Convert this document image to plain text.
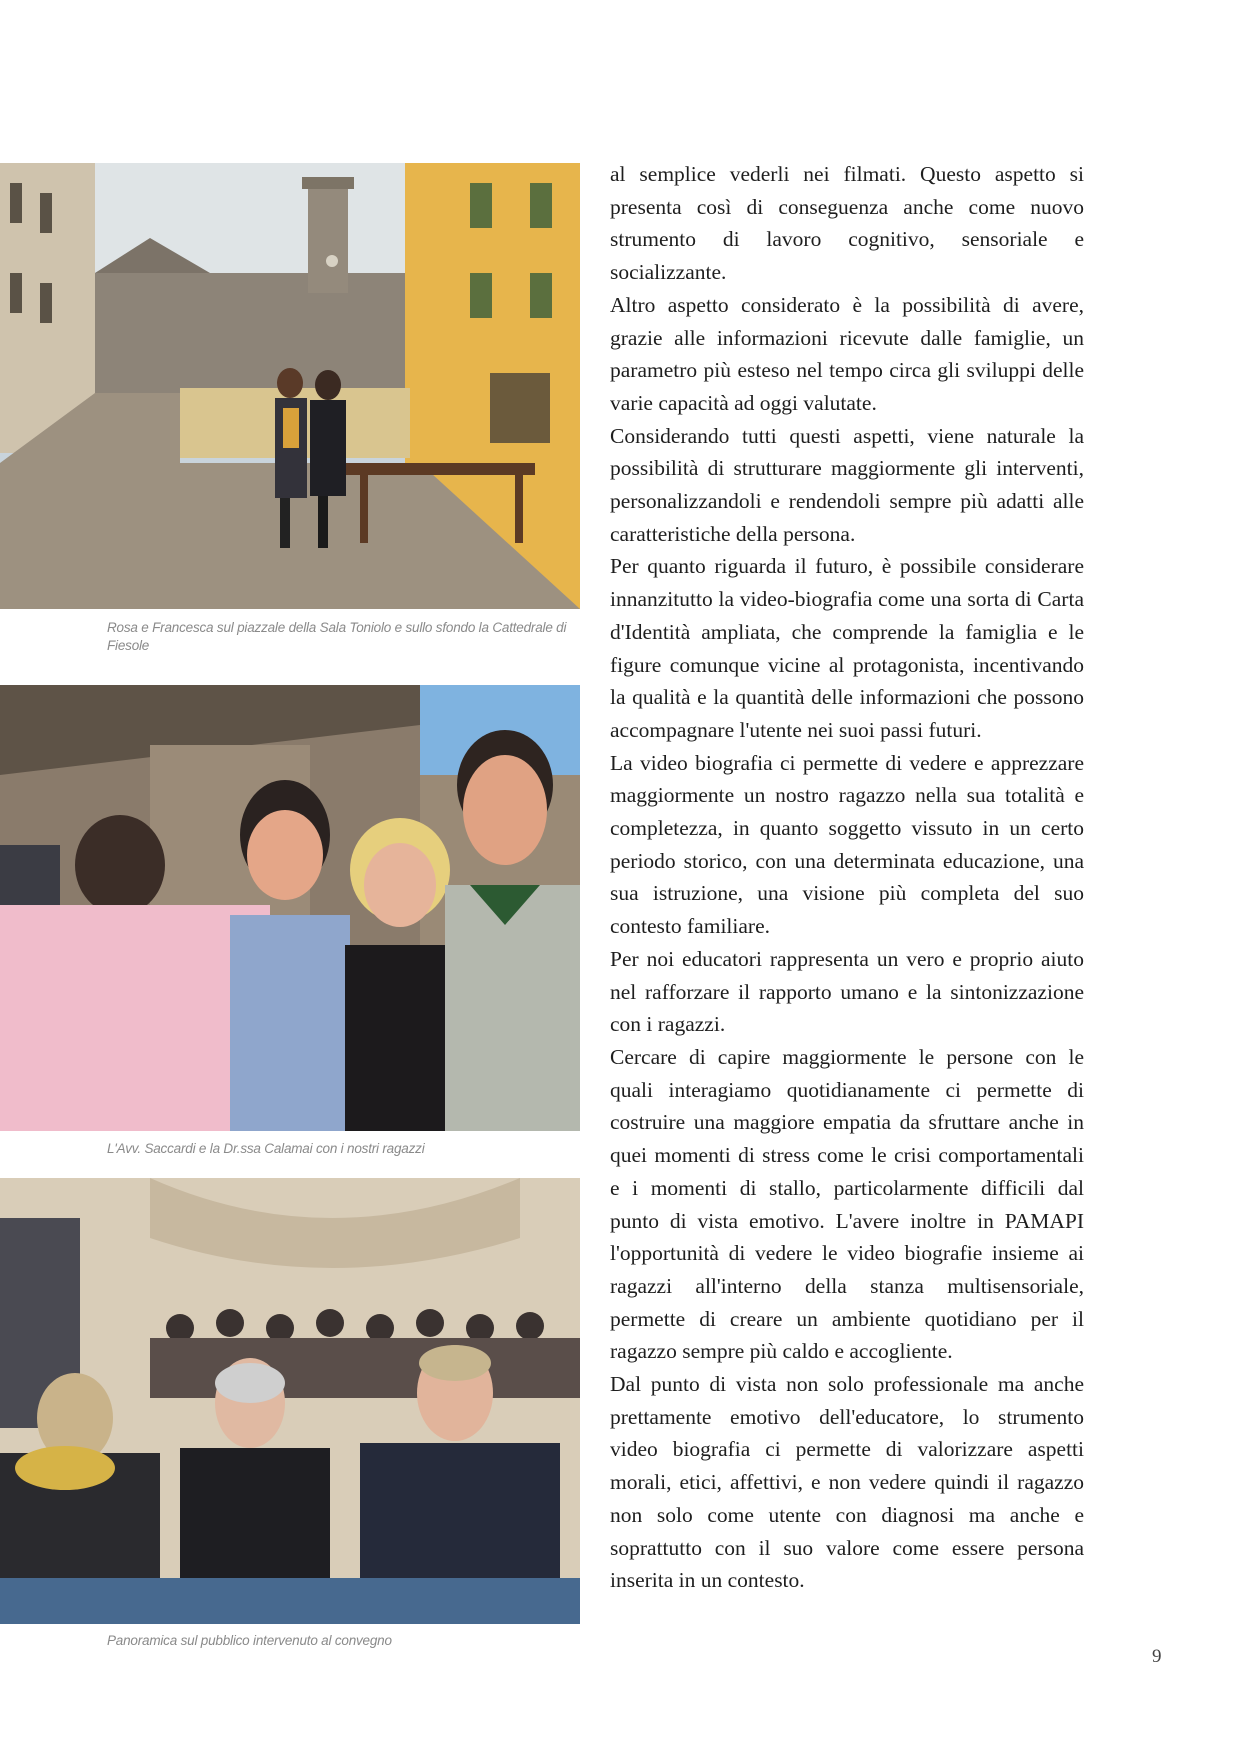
Rosa e Francesca sul piazzale della Sala Toniolo e sullo sfondo la Cattedrale di Fiesole
L'Avv. Saccardi e la Dr.ssa Calamai con i nostri ragazzi
Panoramica sul pubblico intervenuto al convegno

al semplice vederli nei filmati. Questo aspetto si presenta così di conseguenza anche come nuovo strumento di lavoro cognitivo, sensoriale e socializzante.

Altro aspetto considerato è la possibilità di avere, grazie alle informazioni ricevute dalle famiglie, un parametro più esteso nel tempo circa gli sviluppi delle varie capacità ad oggi valutate.

Considerando tutti questi aspetti, viene naturale la possibilità di strutturare maggiormente gli interventi, personalizzandoli e rendendoli sempre più adatti alle caratteristiche della persona.

Per quanto riguarda il futuro, è possibile considerare innanzitutto la video-biografia come una sorta di Carta d'Identità ampliata, che comprende la famiglia e le figure comunque vicine al protagonista, incentivando la qualità e la quantità delle informazioni che possono accompagnare l'utente nei suoi passi futuri.

La video biografia ci permette di vedere e apprezzare maggiormente un nostro ragazzo nella sua totalità e completezza, in quanto soggetto vissuto in un certo periodo storico, con una determinata educazione, una sua istruzione, una visione più completa del suo contesto familiare.

Per noi educatori rappresenta un vero e proprio aiuto nel rafforzare il rapporto umano e la sintonizzazione con i ragazzi.

Cercare di capire maggiormente le persone con le quali interagiamo quotidianamente ci permette di costruire una maggiore empatia da sfruttare anche in quei momenti di stress come le crisi comportamentali e i momenti di stallo, particolarmente difficili dal punto di vista emotivo. L'avere inoltre in PAMAPI l'opportunità di vedere le video biografie insieme ai ragazzi all'interno della stanza multisensoriale, permette di creare un ambiente quotidiano per il ragazzo sempre più caldo e accogliente.

Dal punto di vista non solo professionale ma anche prettamente emotivo dell'educatore, lo strumento video biografia ci permette di valorizzare aspetti morali, etici, affettivi, e non vedere quindi il ragazzo non solo come utente con diagnosi ma anche e soprattutto con il suo valore come essere persona inserita in un contesto.

9
